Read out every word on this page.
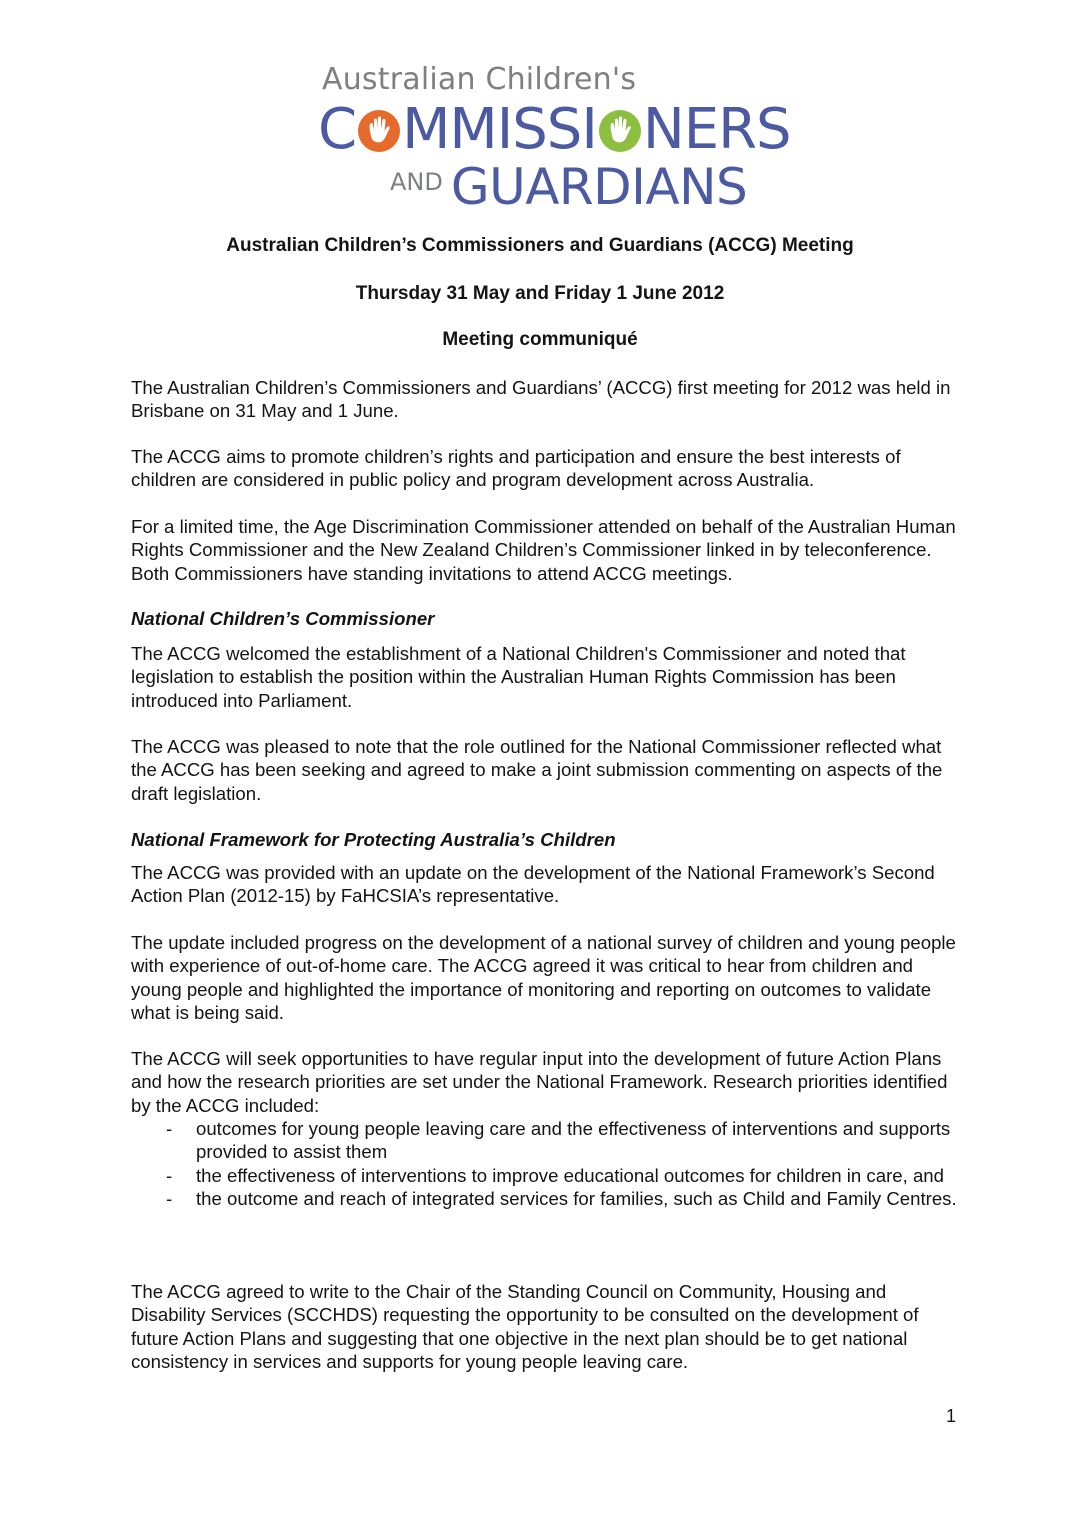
Australian Children's
C MMISSI NERS
AND GUARDIANS
Australian Children’s Commissioners and Guardians (ACCG) Meeting
Thursday 31 May and Friday 1 June 2012
Meeting communiqué

The Australian Children’s Commissioners and Guardians’ (ACCG) first meeting for 2012 was held in Brisbane on 31 May and 1 June.

The ACCG aims to promote children’s rights and participation and ensure the best interests of children are considered in public policy and program development across Australia.

For a limited time, the Age Discrimination Commissioner attended on behalf of the Australian Human Rights Commissioner and the New Zealand Children’s Commissioner linked in by teleconference. Both Commissioners have standing invitations to attend ACCG meetings.

National Children’s Commissioner

The ACCG welcomed the establishment of a National Children's Commissioner and noted that legislation to establish the position within the Australian Human Rights Commission has been introduced into Parliament.

The ACCG was pleased to note that the role outlined for the National Commissioner reflected what the ACCG has been seeking and agreed to make a joint submission commenting on aspects of the draft legislation.

National Framework for Protecting Australia’s Children

The ACCG was provided with an update on the development of the National Framework’s Second Action Plan (2012-15) by FaHCSIA’s representative.

The update included progress on the development of a national survey of children and young people with experience of out-of-home care. The ACCG agreed it was critical to hear from children and young people and highlighted the importance of monitoring and reporting on outcomes to validate what is being said.

The ACCG will seek opportunities to have regular input into the development of future Action Plans and how the research priorities are set under the National Framework. Research priorities identified by the ACCG included:

- outcomes for young people leaving care and the effectiveness of interventions and supports provided to assist them
- the effectiveness of interventions to improve educational outcomes for children in care, and
- the outcome and reach of integrated services for families, such as Child and Family Centres.

The ACCG agreed to write to the Chair of the Standing Council on Community, Housing and Disability Services (SCCHDS) requesting the opportunity to be consulted on the development of future Action Plans and suggesting that one objective in the next plan should be to get national consistency in services and supports for young people leaving care.

1
